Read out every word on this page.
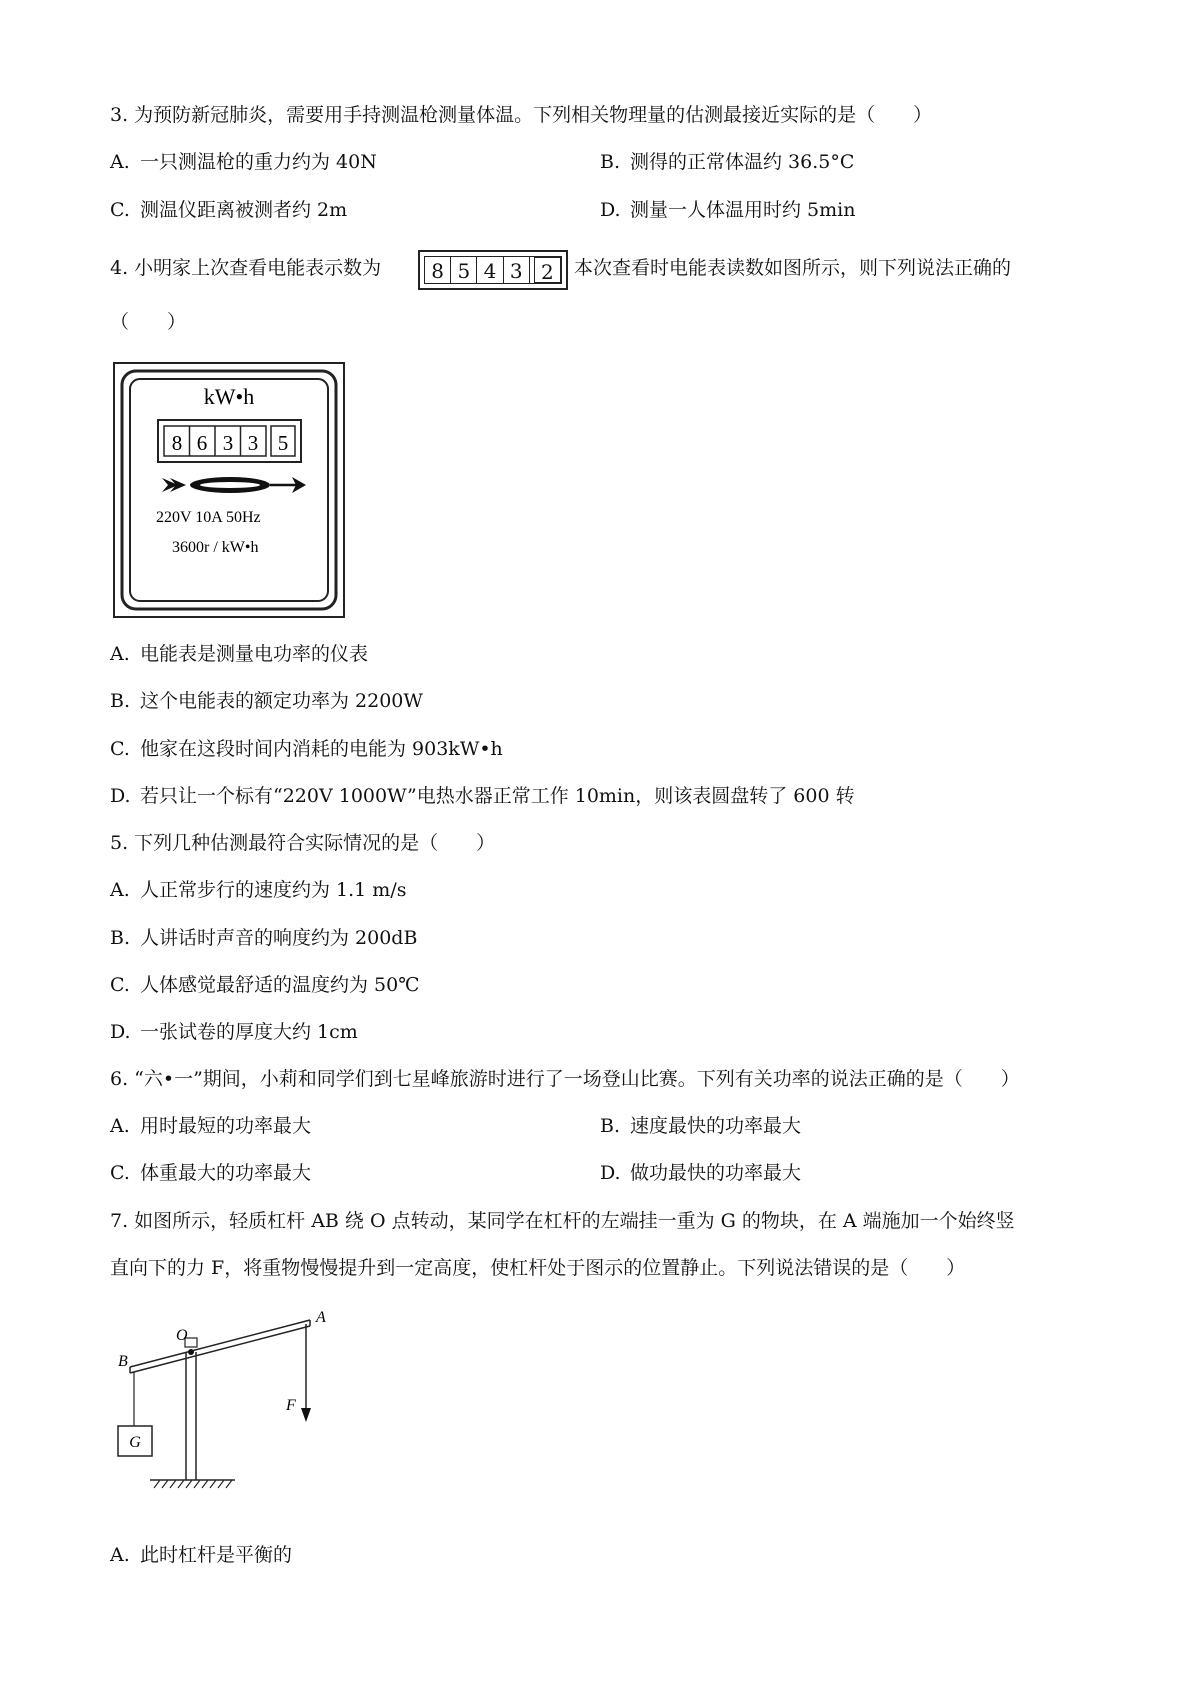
3. 为预防新冠肺炎，需要用手持测温枪测量体温。下列相关物理量的估测最接近实际的是（　　）
A. 一只测温枪的重力约为 40N	B. 测得的正常体温约 36.5°C
C. 测温仪距离被测者约 2m	D. 测量一人体温用时约 5min
4. 小明家上次查看电能表示数为	8 5 4 3 2	本次查看时电能表读数如图所示，则下列说法正确的
（　　）
kW•h
8 6 3 3 5
220V 10A 50Hz
3600r / kW•h
A. 电能表是测量电功率的仪表
B. 这个电能表的额定功率为 2200W
C. 他家在这段时间内消耗的电能为 903kW•h
D. 若只让一个标有“220V 1000W”电热水器正常工作 10min，则该表圆盘转了 600 转
5. 下列几种估测最符合实际情况的是（　　）
A. 人正常步行的速度约为 1.1 m/s
B. 人讲话时声音的响度约为 200dB
C. 人体感觉最舒适的温度约为 50℃
D. 一张试卷的厚度大约 1cm
6. “六•一”期间，小莉和同学们到七星峰旅游时进行了一场登山比赛。下列有关功率的说法正确的是（　　）
A. 用时最短的功率最大	B. 速度最快的功率最大
C. 体重最大的功率最大	D. 做功最快的功率最大
7. 如图所示，轻质杠杆 AB 绕 O 点转动，某同学在杠杆的左端挂一重为 G 的物块，在 A 端施加一个始终竖
直向下的力 F，将重物慢慢提升到一定高度，使杠杆处于图示的位置静止。下列说法错误的是（　　）
G
O
A
B
F
A. 此时杠杆是平衡的
